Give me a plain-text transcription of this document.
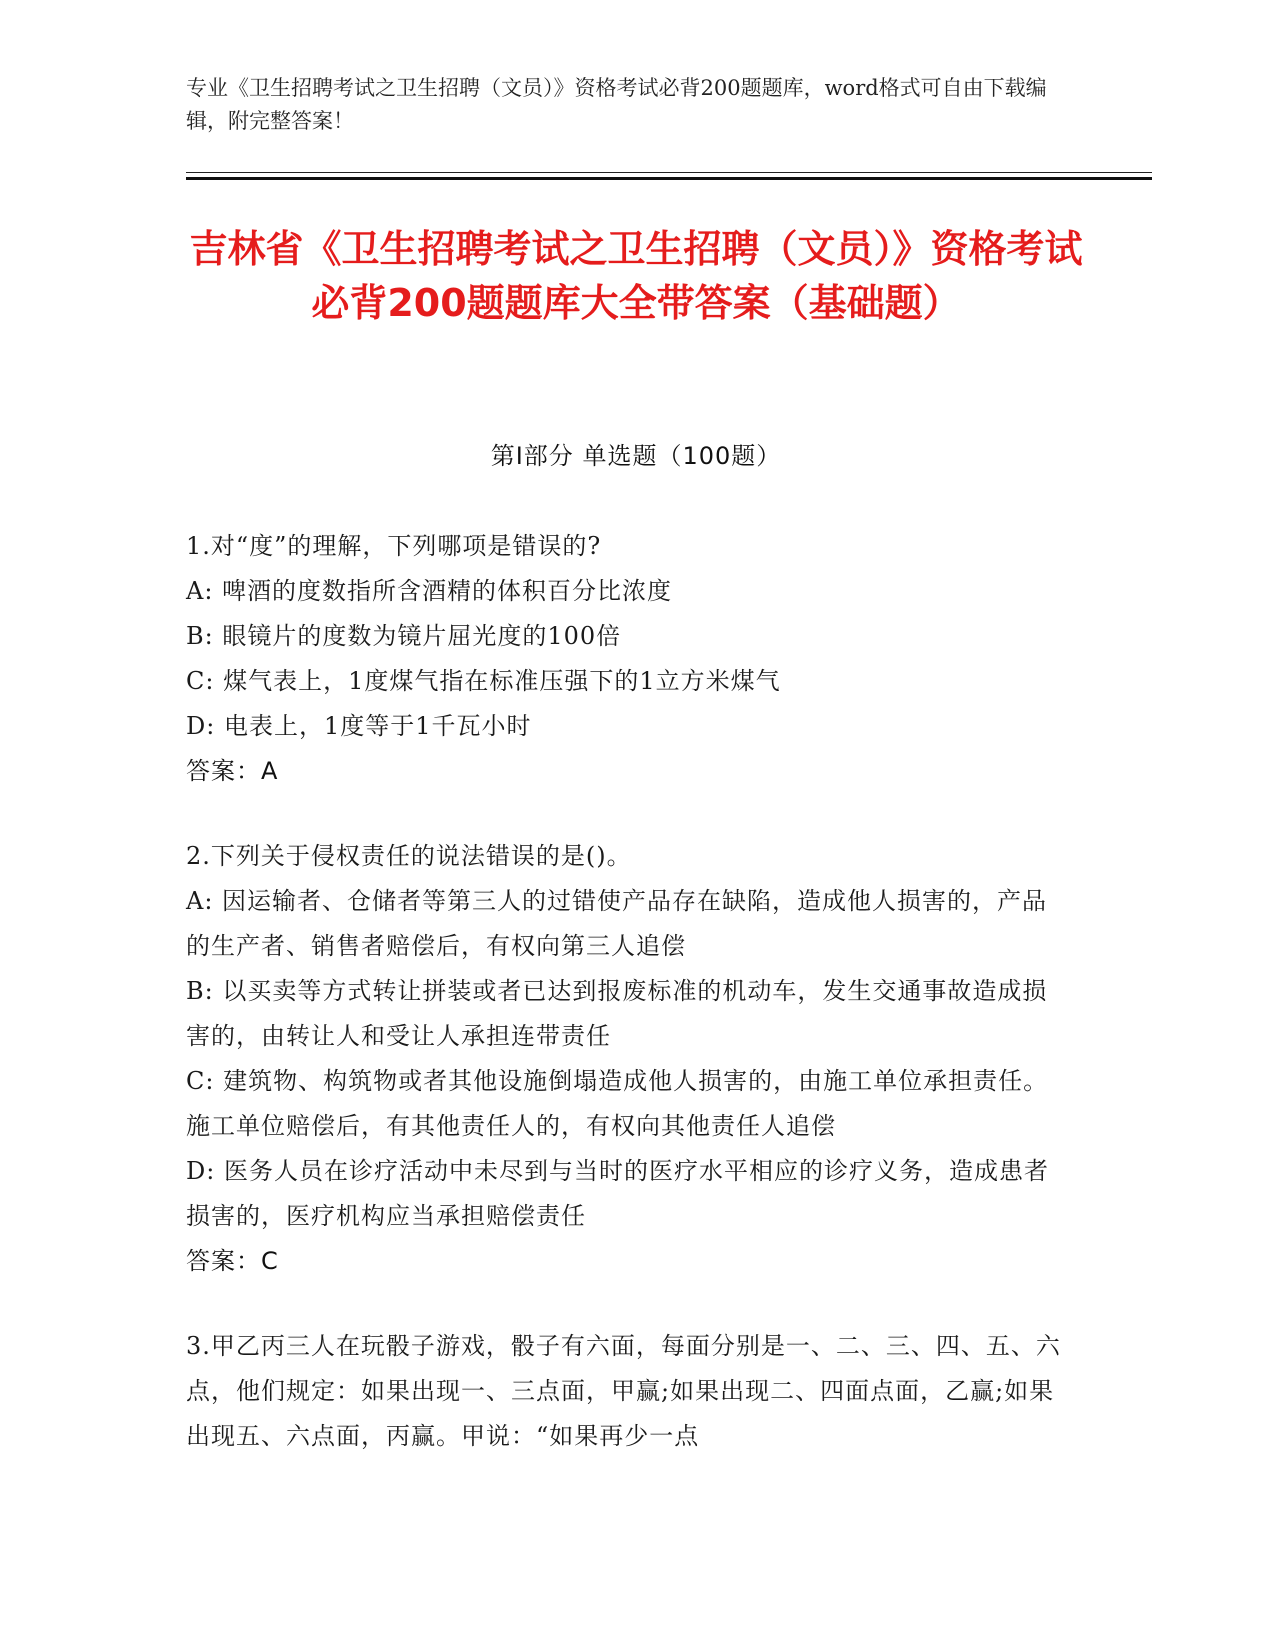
专业《卫生招聘考试之卫生招聘（文员）》资格考试必背200题题库，word格式可自由下载编辑，附完整答案！
吉林省《卫生招聘考试之卫生招聘（文员）》资格考试必背200题题库大全带答案（基础题）
第I部分 单选题（100题）
1.对“度”的理解，下列哪项是错误的?
A: 啤酒的度数指所含酒精的体积百分比浓度
B: 眼镜片的度数为镜片屈光度的100倍
C: 煤气表上，1度煤气指在标准压强下的1立方米煤气
D: 电表上，1度等于1千瓦小时
答案：A
2.下列关于侵权责任的说法错误的是()。
A: 因运输者、仓储者等第三人的过错使产品存在缺陷，造成他人损害的，产品的生产者、销售者赔偿后，有权向第三人追偿
B: 以买卖等方式转让拼装或者已达到报废标准的机动车，发生交通事故造成损害的，由转让人和受让人承担连带责任
C: 建筑物、构筑物或者其他设施倒塌造成他人损害的，由施工单位承担责任。施工单位赔偿后，有其他责任人的，有权向其他责任人追偿
D: 医务人员在诊疗活动中未尽到与当时的医疗水平相应的诊疗义务，造成患者损害的，医疗机构应当承担赔偿责任
答案：C
3.甲乙丙三人在玩骰子游戏，骰子有六面，每面分别是一、二、三、四、五、六点，他们规定：如果出现一、三点面，甲赢;如果出现二、四面点面，乙赢;如果出现五、六点面，丙赢。甲说：“如果再少一点
